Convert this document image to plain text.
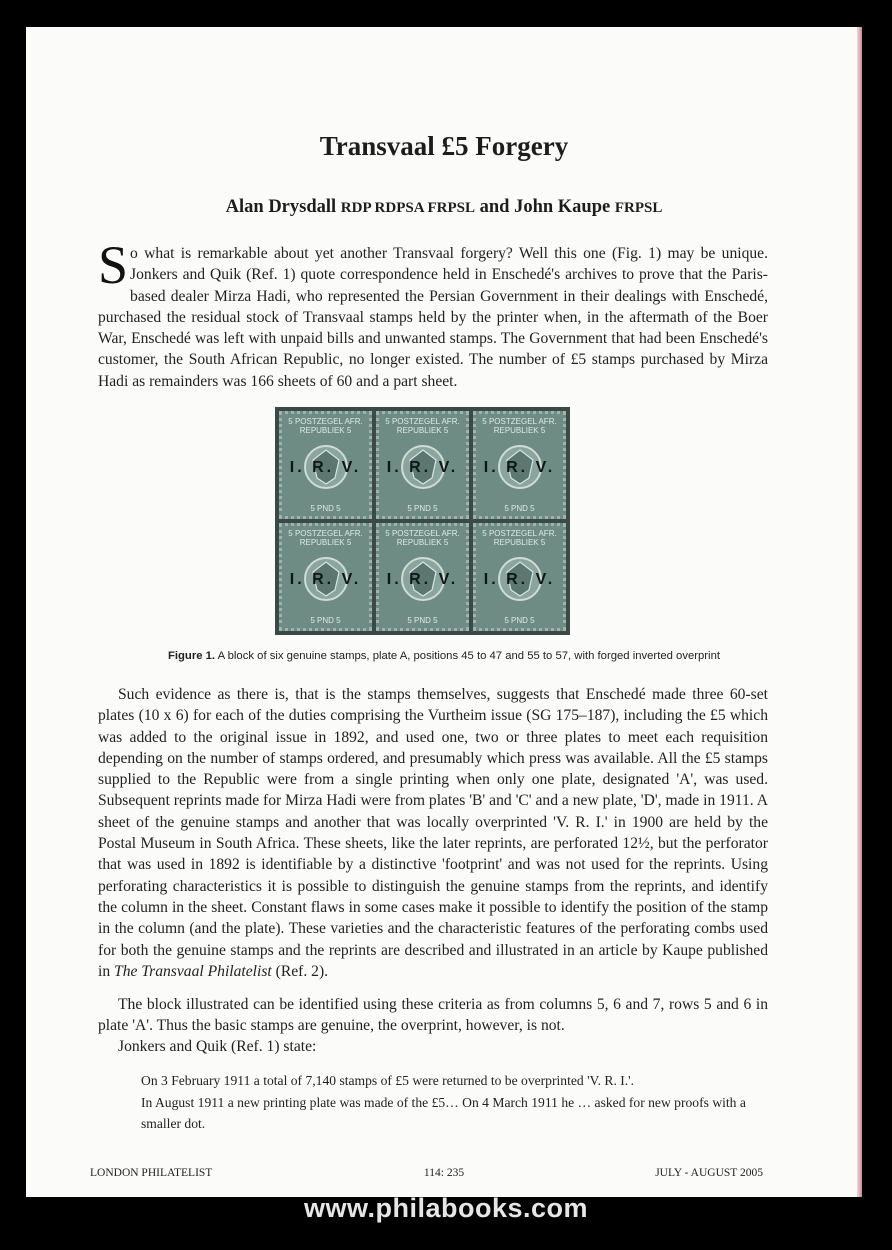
Transvaal £5 Forgery

Alan Drysdall RDP RDPSA FRPSL and John Kaupe FRPSL

So what is remarkable about yet another Transvaal forgery? Well this one (Fig. 1) may be unique. Jonkers and Quik (Ref. 1) quote correspondence held in Enschedé's archives to prove that the Paris-based dealer Mirza Hadi, who represented the Persian Government in their dealings with Enschedé, purchased the residual stock of Transvaal stamps held by the printer when, in the aftermath of the Boer War, Enschedé was left with unpaid bills and unwanted stamps. The Government that had been Enschedé's customer, the South African Republic, no longer existed. The number of £5 stamps purchased by Mirza Hadi as remainders was 166 sheets of 60 and a part sheet.

5 POSTZEGEL AFR. REPUBLIEK 5
I. R. V.
5 PND 5
5 POSTZEGEL AFR. REPUBLIEK 5
I. R. V.
5 PND 5
5 POSTZEGEL AFR. REPUBLIEK 5
I. R. V.
5 PND 5
5 POSTZEGEL AFR. REPUBLIEK 5
I. R. V.
5 PND 5
5 POSTZEGEL AFR. REPUBLIEK 5
I. R. V.
5 PND 5
5 POSTZEGEL AFR. REPUBLIEK 5
I. R. V.
5 PND 5

Figure 1. A block of six genuine stamps, plate A, positions 45 to 47 and 55 to 57, with forged inverted overprint

Such evidence as there is, that is the stamps themselves, suggests that Enschedé made three 60-set plates (10 x 6) for each of the duties comprising the Vurtheim issue (SG 175–187), including the £5 which was added to the original issue in 1892, and used one, two or three plates to meet each requisition depending on the number of stamps ordered, and presumably which press was available. All the £5 stamps supplied to the Republic were from a single printing when only one plate, designated 'A', was used. Subsequent reprints made for Mirza Hadi were from plates 'B' and 'C' and a new plate, 'D', made in 1911. A sheet of the genuine stamps and another that was locally overprinted 'V. R. I.' in 1900 are held by the Postal Museum in South Africa. These sheets, like the later reprints, are perforated 12½, but the perforator that was used in 1892 is identifiable by a distinctive 'footprint' and was not used for the reprints. Using perforating characteristics it is possible to distinguish the genuine stamps from the reprints, and identify the column in the sheet. Constant flaws in some cases make it possible to identify the position of the stamp in the column (and the plate). These varieties and the characteristic features of the perforating combs used for both the genuine stamps and the reprints are described and illustrated in an article by Kaupe published in The Transvaal Philatelist (Ref. 2).

The block illustrated can be identified using these criteria as from columns 5, 6 and 7, rows 5 and 6 in plate 'A'. Thus the basic stamps are genuine, the overprint, however, is not.

Jonkers and Quik (Ref. 1) state:

On 3 February 1911 a total of 7,140 stamps of £5 were returned to be overprinted 'V. R. I.'.
In August 1911 a new printing plate was made of the £5… On 4 March 1911 he … asked for new proofs with a smaller dot.
LONDON PHILATELIST	114: 235	JULY - AUGUST 2005
www.philabooks.com
